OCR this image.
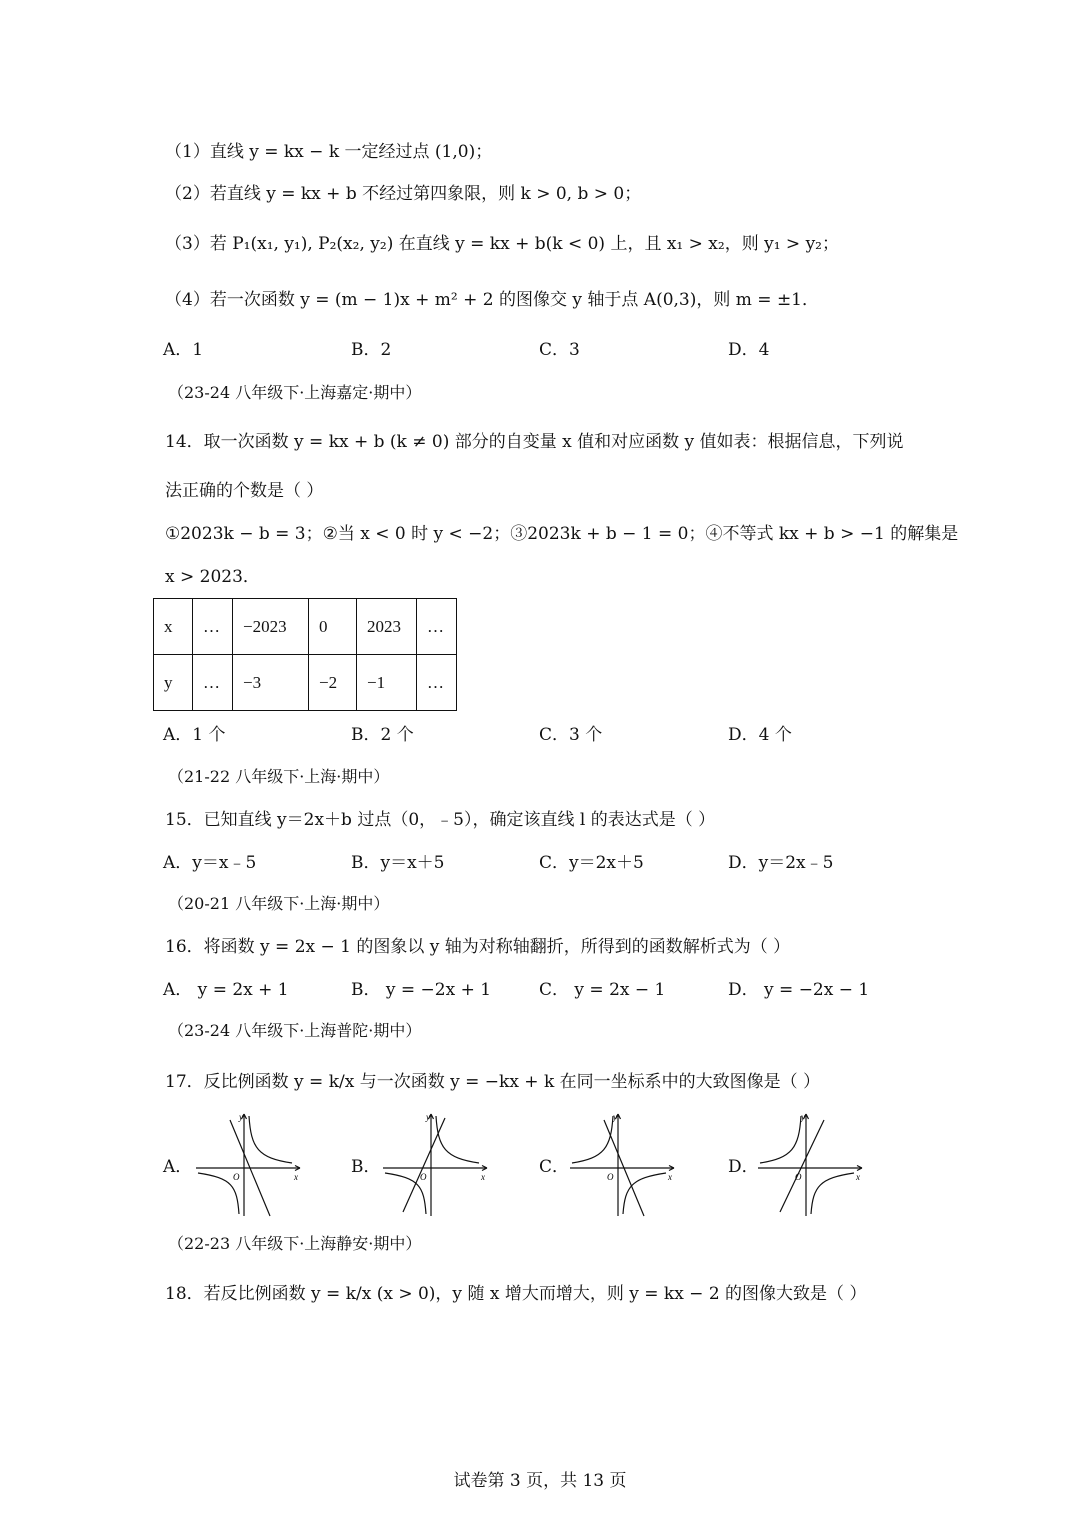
（1）直线 y = kx − k 一定经过点 (1,0)；
（2）若直线 y = kx + b 不经过第四象限，则 k > 0, b > 0；
（3）若 P₁(x₁, y₁), P₂(x₂, y₂) 在直线 y = kx + b(k < 0) 上，且 x₁ > x₂，则 y₁ > y₂；
（4）若一次函数 y = (m − 1)x + m² + 2 的图像交 y 轴于点 A(0,3)，则 m = ±1．
A．1	B．2	C．3	D．4
（23-24 八年级下·上海嘉定·期中）
14．取一次函数 y = kx + b (k ≠ 0) 部分的自变量 x 值和对应函数 y 值如表：根据信息，下列说
法正确的个数是（ ）
①2023k − b = 3；②当 x < 0 时 y < −2；③2023k + b − 1 = 0；④不等式 kx + b > −1 的解集是
x > 2023．
x	…	−2023	0	2023	…
y	…	−3	−2	−1	…
A．1 个	B．2 个	C．3 个	D．4 个
（21-22 八年级下·上海·期中）
15．已知直线 y＝2x＋b 过点（0，﹣5），确定该直线 l 的表达式是（ ）
A．y＝x﹣5	B．y＝x＋5	C．y＝2x＋5	D．y＝2x﹣5
（20-21 八年级下·上海·期中）
16．将函数 y = 2x − 1 的图象以 y 轴为对称轴翻折，所得到的函数解析式为（ ）
A． y = 2x + 1	B． y = −2x + 1	C． y = 2x − 1	D． y = −2x − 1
（23-24 八年级下·上海普陀·期中）
17．反比例函数 y = k/x 与一次函数 y = −kx + k 在同一坐标系中的大致图像是（ ）
A．
y
x
O	B．
y
x
O	C．
y
x
O	D．
y
x
O
（22-23 八年级下·上海静安·期中）
18．若反比例函数 y = k/x (x > 0)，y 随 x 增大而增大，则 y = kx − 2 的图像大致是（ ）
试卷第 3 页，共 13 页
